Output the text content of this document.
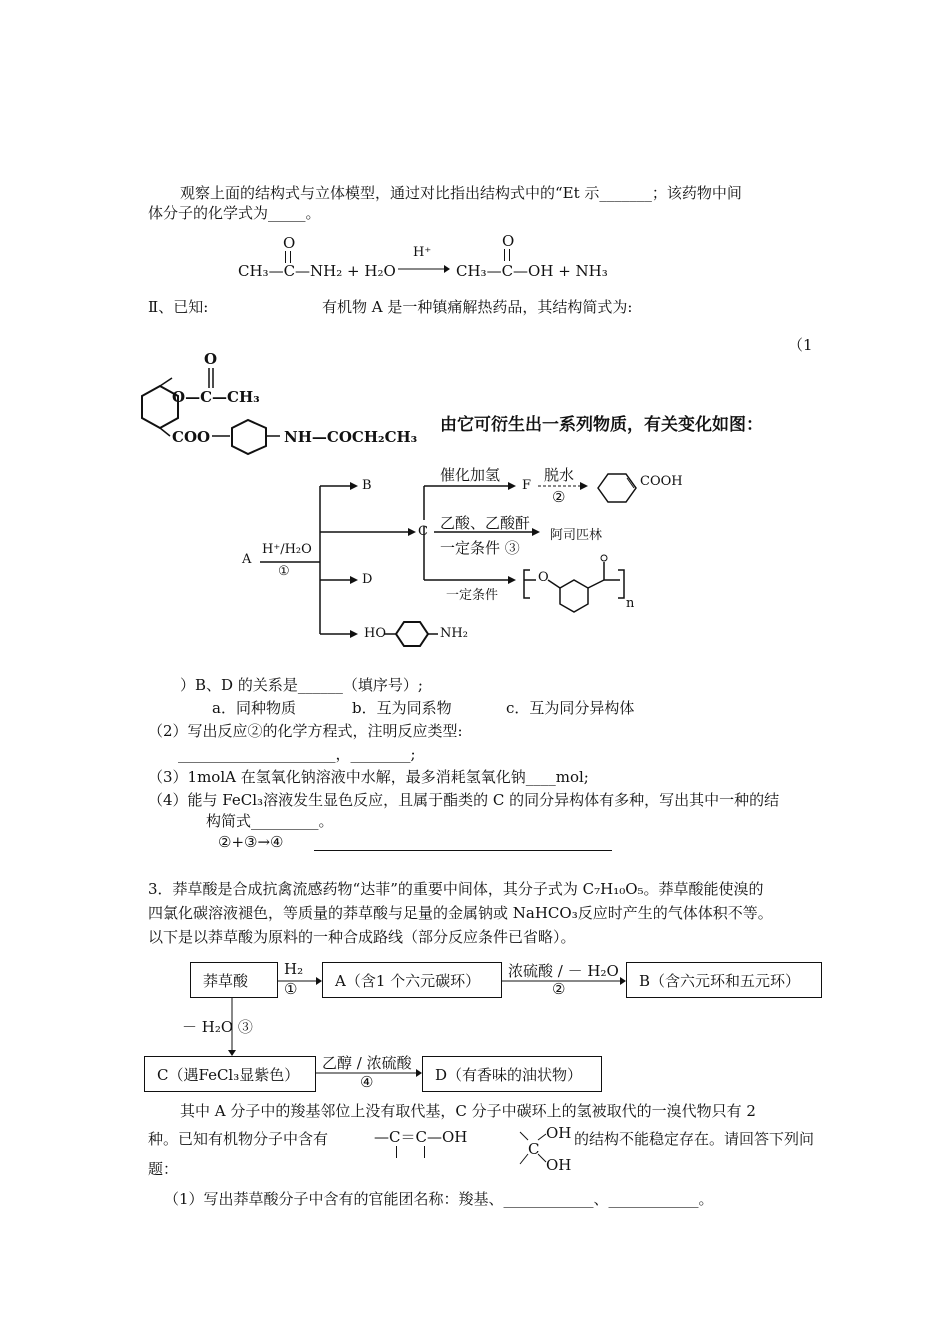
观察上面的结构式与立体模型，通过对比指出结构式中的“Et 示_______；该药物中间
体分子的化学式为_____。
O	O
CH₃—C—NH₂ + H₂O
H⁺
CH₃—C—OH + NH₃
Ⅱ、已知:	有机物 A 是一种镇痛解热药品，其结构简式为:
（1
O
O—C—CH₃
COO	NH—COCH₂CH₃
由它可衍生出一系列物质，有关变化如图：
A
H⁺/H₂O
①
B
C
D
HO	NH₂
催化加氢
F
脱水
②
COOH
乙酸、乙酸酐
一定条件 ③
阿司匹林
一定条件
O
n
）B、D 的关系是______（填序号）;
a．同种物质	b．互为同系物	c．互为同分异构体
（2）写出反应②的化学方程式，注明反应类型:
_____________________，________;
（3）1molA 在氢氧化钠溶液中水解，最多消耗氢氧化钠____mol;
（4）能与 FeCl₃溶液发生显色反应，且属于酯类的 C 的同分异构体有多种，写出其中一种的结
构简式_________。
②+③→④
3．莽草酸是合成抗禽流感药物“达菲”的重要中间体，其分子式为 C₇H₁₀O₅。莽草酸能使溴的
四氯化碳溶液褪色，等质量的莽草酸与足量的金属钠或 NaHCO₃反应时产生的气体体积不等。
以下是以莽草酸为原料的一种合成路线（部分反应条件已省略）。
莽草酸
H₂
①	A（含1 个六元碳环）
浓硫酸 / － H₂O
②	B（含六元环和五元环）
－ H₂O ③
C（遇FeCl₃显紫色）
乙醇 / 浓硫酸
④	D（有香味的油状物）
其中 A 分子中的羧基邻位上没有取代基，C 分子中碳环上的氢被取代的一溴代物只有 2
种。已知有机物分子中含有	—C＝C—OH	OH
C
OH
的结构不能稳定存在。请回答下列问
题：
（1）写出莽草酸分子中含有的官能团名称：羧基、____________、____________。
